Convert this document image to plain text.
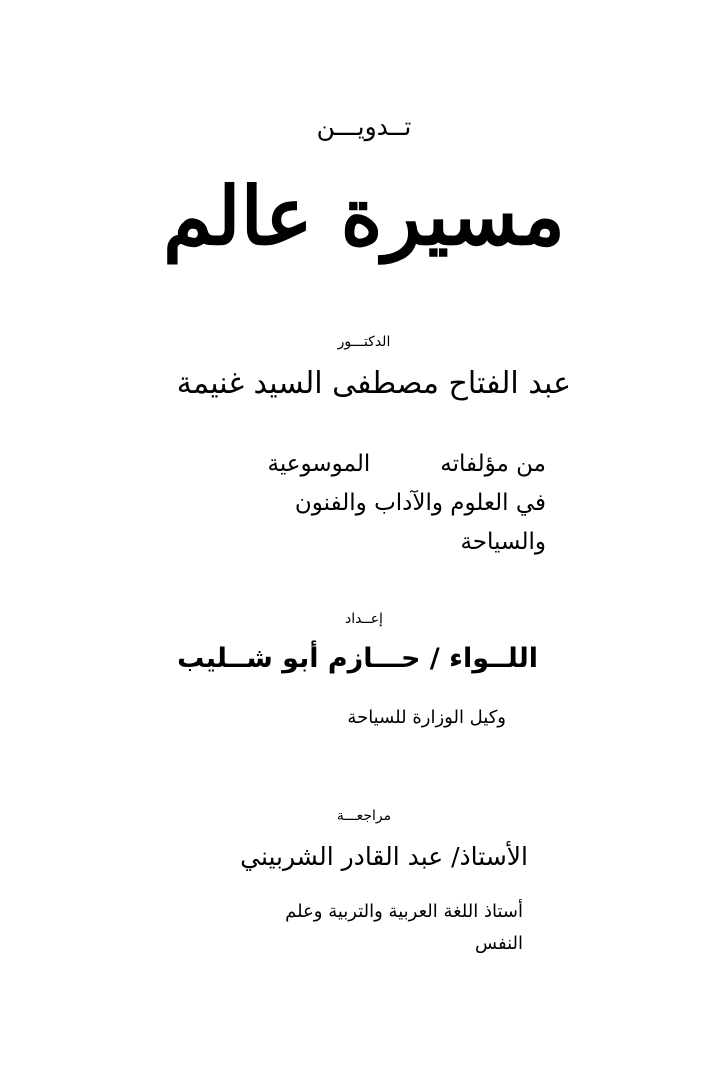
تــدويـــن

مسيرة عالم

الدكتـــور

عبد الفتاح مصطفى السيد غنيمة

من مؤلفاتهالموسوعية
في العلوم والآداب والفنون
والسياحة

إعــداد

اللــواء / حـــازم أبو شــليب

وكيل الوزارة للسياحة

مراجعـــة

الأستاذ/ عبد القادر الشربيني

أستاذ اللغة العربية والتربية وعلم
النفس
